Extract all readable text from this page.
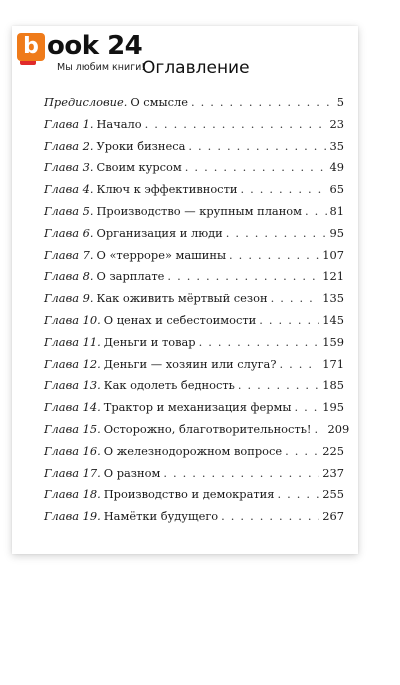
b ook 24
Мы любим книги!
Оглавление
Предисловие. О смысле . . .	5
Глава 1. Начало . . .	23
Глава 2. Уроки бизнеса . . .	35
Глава 3. Своим курсом . . .	49
Глава 4. Ключ к эффективности . . .	65
Глава 5. Производство — крупным планом . . . 81
Глава 6. Организация и люди . . .	95
Глава 7. О «терроре» машины . . .	107
Глава 8. О зарплате . . .	121
Глава 9. Как оживить мёртвый сезон . . .	135
Глава 10. О ценах и себестоимости . . .	145
Глава 11. Деньги и товар . . .	159
Глава 12. Деньги — хозяин или слуга? . . .	171
Глава 13. Как одолеть бедность . . .	185
Глава 14. Трактор и механизация фермы . . .	195
Глава 15. Осторожно, благотворительность! . . . 209
Глава 16. О железнодорожном вопросе . . .	225
Глава 17. О разном . . .	237
Глава 18. Производство и демократия . . .	255
Глава 19. Намётки будущего . . .	267
